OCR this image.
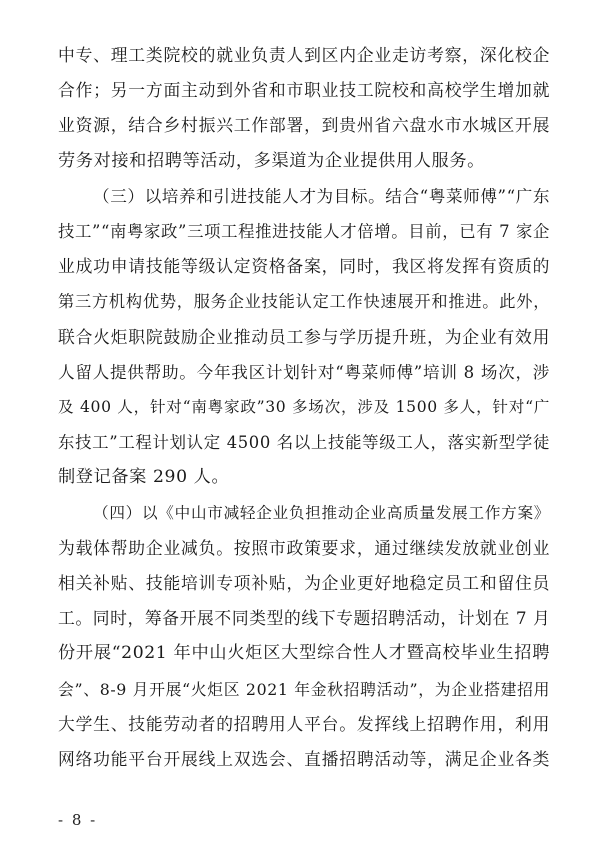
中专、理工类院校的就业负责人到区内企业走访考察，深化校企
合作；另一方面主动到外省和市职业技工院校和高校学生增加就
业资源，结合乡村振兴工作部署，到贵州省六盘水市水城区开展
劳务对接和招聘等活动，多渠道为企业提供用人服务。

（三）以培养和引进技能人才为目标。结合“粤菜师傅”“广东
技工”“南粤家政”三项工程推进技能人才倍增。目前，已有 7 家企
业成功申请技能等级认定资格备案，同时，我区将发挥有资质的
第三方机构优势，服务企业技能认定工作快速展开和推进。此外，
联合火炬职院鼓励企业推动员工参与学历提升班，为企业有效用
人留人提供帮助。今年我区计划针对“粤菜师傅”培训 8 场次，涉
及 400 人，针对“南粤家政”30 多场次，涉及 1500 多人，针对“广
东技工”工程计划认定 4500 名以上技能等级工人，落实新型学徒
制登记备案 290 人。

（四）以《中山市减轻企业负担推动企业高质量发展工作方案》
为载体帮助企业减负。按照市政策要求，通过继续发放就业创业
相关补贴、技能培训专项补贴，为企业更好地稳定员工和留住员
工。同时，筹备开展不同类型的线下专题招聘活动，计划在 7 月
份开展“2021 年中山火炬区大型综合性人才暨高校毕业生招聘
会”、8-9 月开展“火炬区 2021 年金秋招聘活动”，为企业搭建招用
大学生、技能劳动者的招聘用人平台。发挥线上招聘作用，利用
网络功能平台开展线上双选会、直播招聘活动等，满足企业各类

- 8 -
